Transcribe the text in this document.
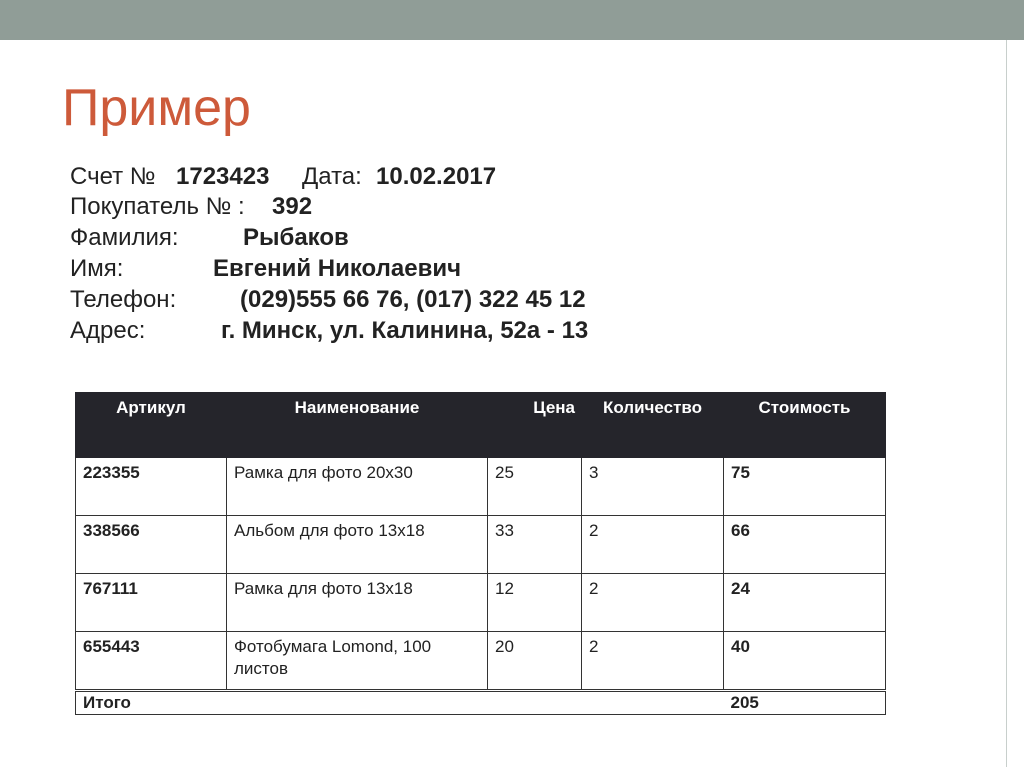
Пример
Счет № 1723423 Дата: 10.02.2017
Покупатель № : 392
Фамилия:	Рыбаков
Имя:	Евгений Николаевич
Телефон:	(029)555 66 76, (017) 322 45 12
Адрес:	г. Минск, ул. Калинина, 52а - 13
Артикул	Наименование	Цена	Количество	Стоимость
223355	Рамка для фото 20х30	25	3	75
338566	Альбом для фото 13х18	33	2	66
767111	Рамка для фото 13х18	12	2	24
655443	Фотобумага Lomond, 100 листов	20	2	40
Итого				205
